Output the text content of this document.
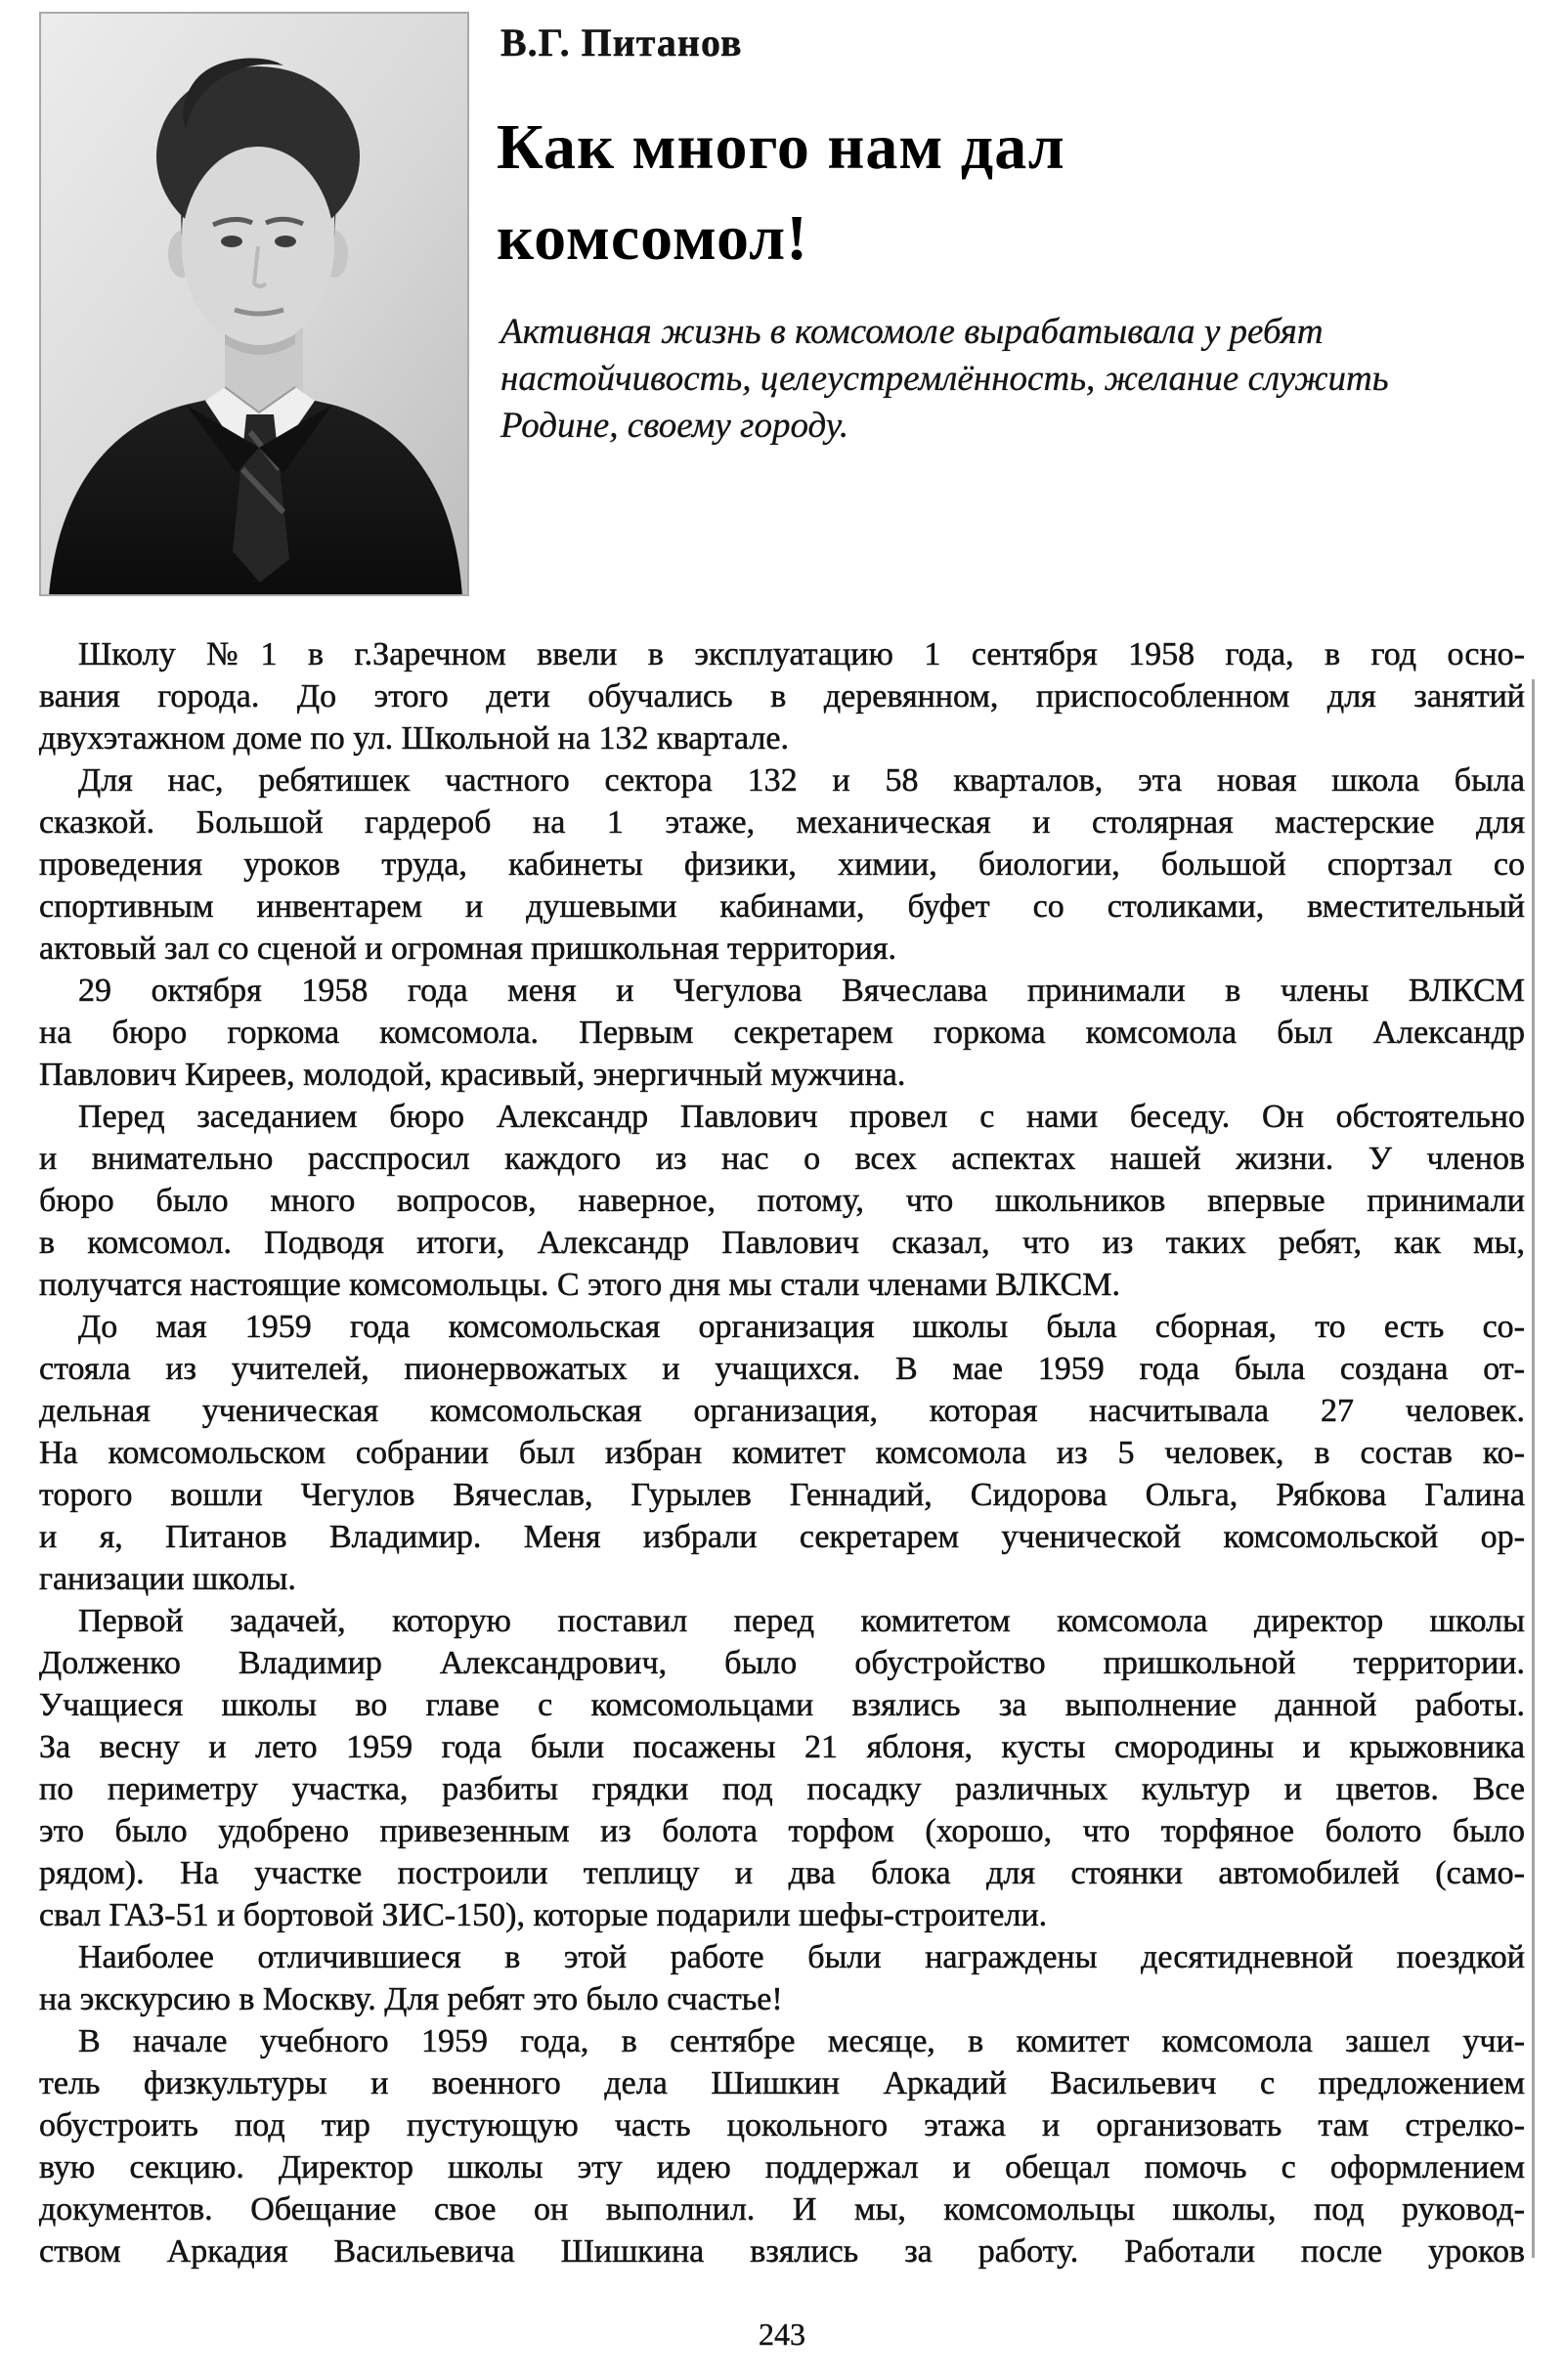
В.Г. Питанов
Как много нам дал
комсомол!
Активная жизнь в комсомоле вырабатывала у ребят
настойчивость, целеустремлённость, желание служить
Родине, своему городу.
Школу №1 в г.Заречном ввели в эксплуатацию 1 сентября 1958 года, в год осно-
вания города. До этого дети обучались в деревянном, приспособленном для занятий
двухэтажном доме по ул. Школьной на 132 квартале.
Для нас, ребятишек частного сектора 132 и 58 кварталов, эта новая школа была
сказкой. Большой гардероб на 1 этаже, механическая и столярная мастерские для
проведения уроков труда, кабинеты физики, химии, биологии, большой спортзал со
спортивным инвентарем и душевыми кабинами, буфет со столиками, вместительный
актовый зал со сценой и огромная пришкольная территория.
29 октября 1958 года меня и Чегулова Вячеслава принимали в члены ВЛКСМ
на бюро горкома комсомола. Первым секретарем горкома комсомола был Александр
Павлович Киреев, молодой, красивый, энергичный мужчина.
Перед заседанием бюро Александр Павлович провел с нами беседу. Он обстоятельно
и внимательно расспросил каждого из нас о всех аспектах нашей жизни. У членов
бюро было много вопросов, наверное, потому, что школьников впервые принимали
в комсомол. Подводя итоги, Александр Павлович сказал, что из таких ребят, как мы,
получатся настоящие комсомольцы. С этого дня мы стали членами ВЛКСМ.
До мая 1959 года комсомольская организация школы была сборная, то есть со-
стояла из учителей, пионервожатых и учащихся. В мае 1959 года была создана от-
дельная ученическая комсомольская организация, которая насчитывала 27 человек.
На комсомольском собрании был избран комитет комсомола из 5 человек, в состав ко-
торого вошли Чегулов Вячеслав, Гурылев Геннадий, Сидорова Ольга, Рябкова Галина
и я, Питанов Владимир. Меня избрали секретарем ученической комсомольской ор-
ганизации школы.
Первой задачей, которую поставил перед комитетом комсомола директор школы
Долженко Владимир Александрович, было обустройство пришкольной территории.
Учащиеся школы во главе с комсомольцами взялись за выполнение данной работы.
За весну и лето 1959 года были посажены 21 яблоня, кусты смородины и крыжовника
по периметру участка, разбиты грядки под посадку различных культур и цветов. Все
это было удобрено привезенным из болота торфом (хорошо, что торфяное болото было
рядом). На участке построили теплицу и два блока для стоянки автомобилей (само-
свал ГАЗ-51 и бортовой ЗИС-150), которые подарили шефы-строители.
Наиболее отличившиеся в этой работе были награждены десятидневной поездкой
на экскурсию в Москву. Для ребят это было счастье!
В начале учебного 1959 года, в сентябре месяце, в комитет комсомола зашел учи-
тель физкультуры и военного дела Шишкин Аркадий Васильевич с предложением
обустроить под тир пустующую часть цокольного этажа и организовать там стрелко-
вую секцию. Директор школы эту идею поддержал и обещал помочь с оформлением
документов. Обещание свое он выполнил. И мы, комсомольцы школы, под руковод-
ством Аркадия Васильевича Шишкина взялись за работу. Работали после уроков
243
